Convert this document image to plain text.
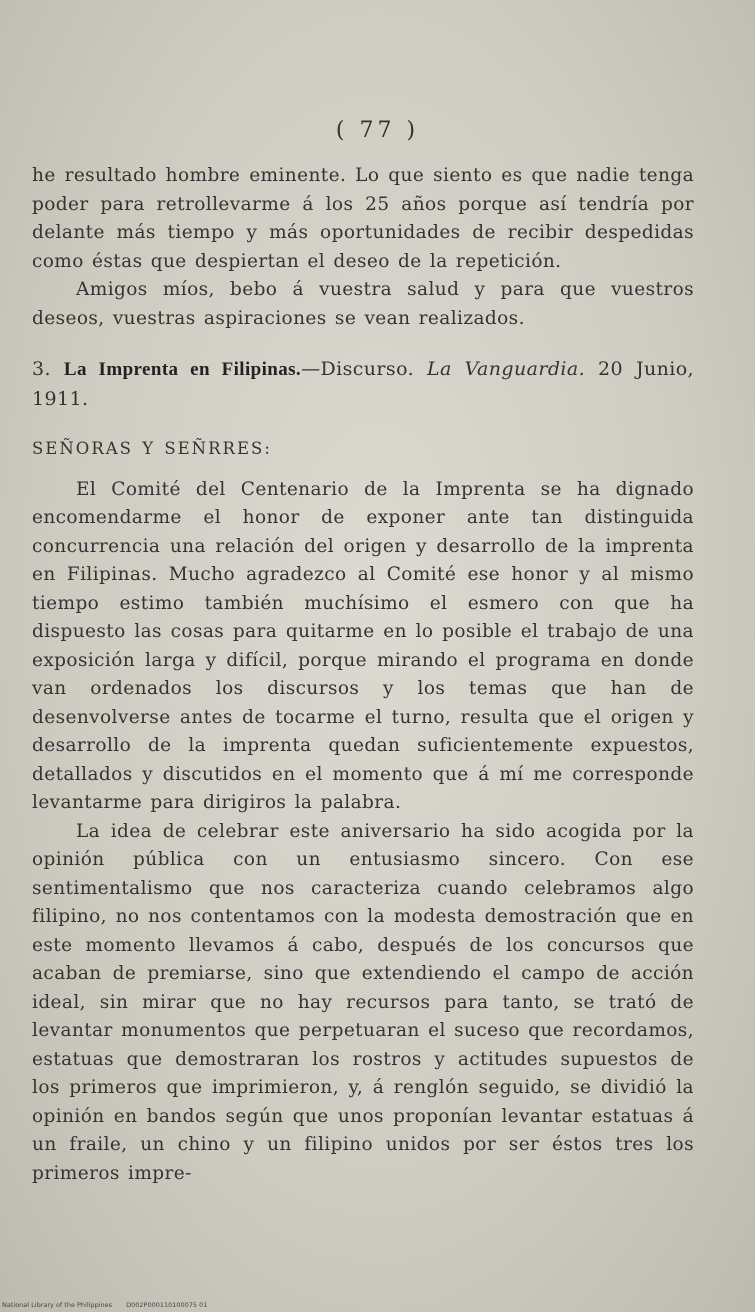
( 77 )

he resultado hombre eminente. Lo que siento es que nadie tenga poder para retrollevarme á los 25 años porque así tendría por delante más tiempo y más oportunidades de recibir despedidas como éstas que despiertan el deseo de la repetición.

Amigos míos, bebo á vuestra salud y para que vuestros deseos, vuestras aspiraciones se vean realizados.

3. La Imprenta en Filipinas.—Discurso. La Vanguardia. 20 Junio, 1911.

SEÑORAS Y SEÑRRES:

El Comité del Centenario de la Imprenta se ha dignado encomendarme el honor de exponer ante tan distinguida concurrencia una relación del origen y desarrollo de la imprenta en Filipinas. Mucho agradezco al Comité ese honor y al mismo tiempo estimo también muchísimo el esmero con que ha dispuesto las cosas para quitarme en lo posible el trabajo de una exposición larga y difícil, porque mirando el programa en donde van ordenados los discursos y los temas que han de desenvolverse antes de tocarme el turno, resulta que el origen y desarrollo de la imprenta quedan suficientemente expuestos, detallados y discutidos en el momento que á mí me corresponde levantarme para dirigiros la palabra.

La idea de celebrar este aniversario ha sido acogida por la opinión pública con un entusiasmo sincero. Con ese sentimentalismo que nos caracteriza cuando celebramos algo filipino, no nos contentamos con la modesta demostración que en este momento llevamos á cabo, después de los concursos que acaban de premiarse, sino que extendiendo el campo de acción ideal, sin mirar que no hay recursos para tanto, se trató de levantar monumentos que perpetuaran el suceso que recordamos, estatuas que demostraran los rostros y actitudes supuestos de los primeros que imprimieron, y, á renglón seguido, se dividió la opinión en bandos según que unos proponían levantar estatuas á un fraile, un chino y un filipino unidos por ser éstos tres los primeros impre-

National Library of the Philippines D002P000110100075 01
